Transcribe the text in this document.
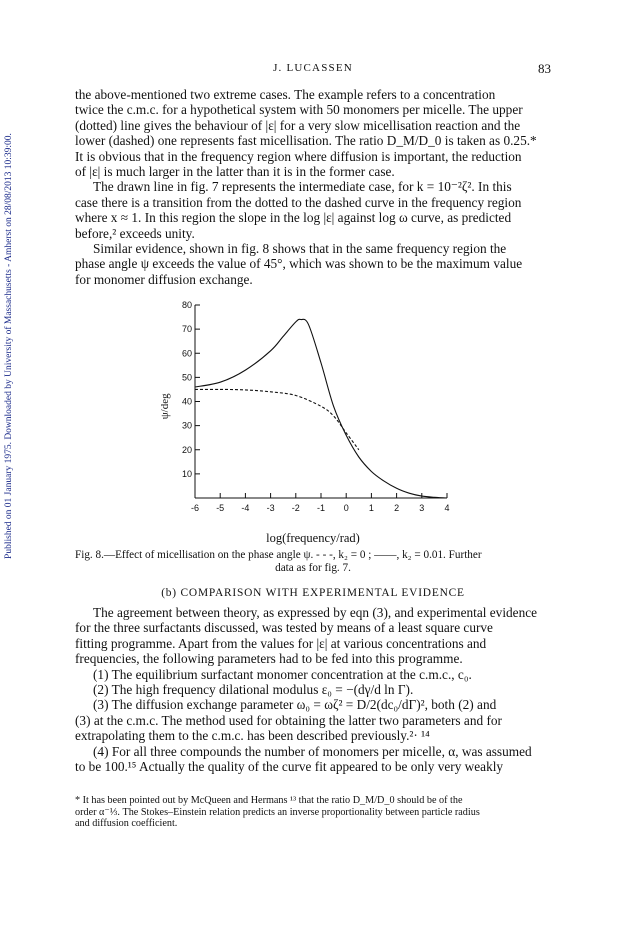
Published on 01 January 1975. Downloaded by University of Massachusetts - Amherst on 28/08/2013 10:39:00.
J. LUCASSEN	83

the above-mentioned two extreme cases. The example refers to a concentration

twice the c.m.c. for a hypothetical system with 50 monomers per micelle. The upper

(dotted) line gives the behaviour of |ε| for a very slow micellisation reaction and the

lower (dashed) one represents fast micellisation. The ratio D_M/D_0 is taken as 0.25.*

It is obvious that in the frequency region where diffusion is important, the reduction

of |ε| is much larger in the latter than it is in the former case.

The drawn line in fig. 7 represents the intermediate case, for k = 10⁻²ζ². In this

case there is a transition from the dotted to the dashed curve in the frequency region

where x ≈ 1. In this region the slope in the log |ε| against log ω curve, as predicted

before,² exceeds unity.

Similar evidence, shown in fig. 8 shows that in the same frequency region the

phase angle ψ exceeds the value of 45°, which was shown to be the maximum value

for monomer diffusion exchange.

10
20
30
40
50
60
70
80
-6 -5 -4 -3 -2 -1 0 1 2 3 4
ψ/deg
log(frequency/rad)
Fig. 8.—Effect of micellisation on the phase angle ψ. - - -, k₂ = 0 ; ——, k₂ = 0.01. Further
data as for fig. 7.
(b) COMPARISON WITH EXPERIMENTAL EVIDENCE

The agreement between theory, as expressed by eqn (3), and experimental evidence

for the three surfactants discussed, was tested by means of a least square curve

fitting programme. Apart from the values for |ε| at various concentrations and

frequencies, the following parameters had to be fed into this programme.

(1) The equilibrium surfactant monomer concentration at the c.m.c., c₀.

(2) The high frequency dilational modulus ε₀ = −(dγ/d ln Γ).

(3) The diffusion exchange parameter ω₀ = ωζ² = D/2(dc₀/dΓ)², both (2) and

(3) at the c.m.c. The method used for obtaining the latter two parameters and for

extrapolating them to the c.m.c. has been described previously.²· ¹⁴

(4) For all three compounds the number of monomers per micelle, α, was assumed

to be 100.¹⁵ Actually the quality of the curve fit appeared to be only very weakly

* It has been pointed out by McQueen and Hermans ¹³ that the ratio D_M/D_0 should be of the

order α⁻⅓. The Stokes–Einstein relation predicts an inverse proportionality between particle radius

and diffusion coefficient.
